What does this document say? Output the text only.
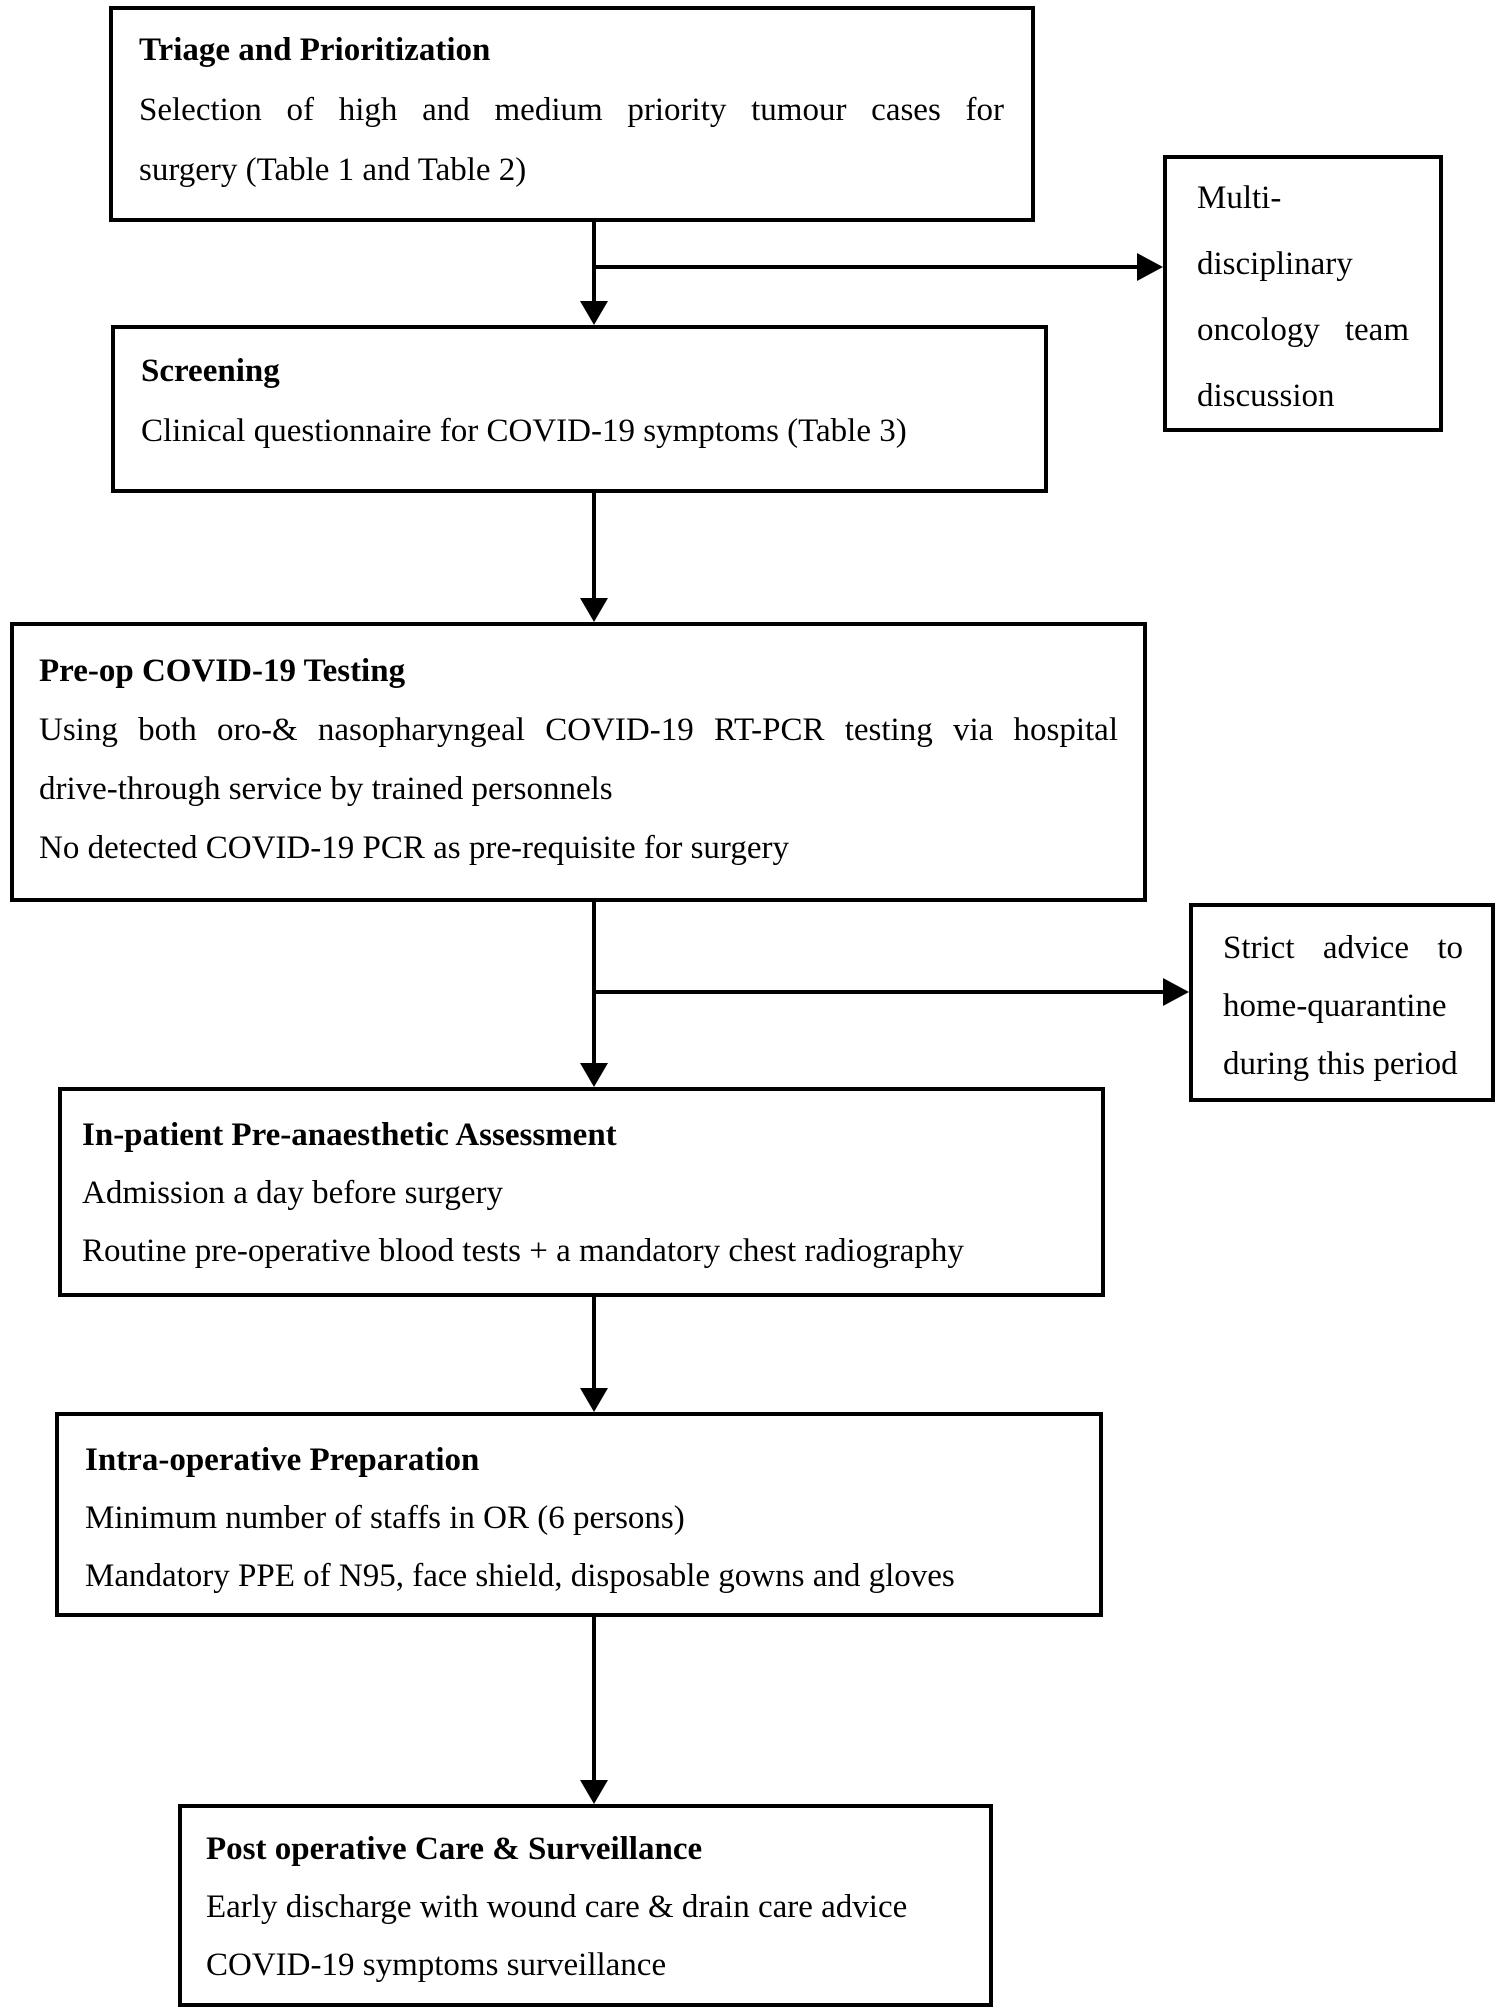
Triage and Prioritization
Selection of high and medium priority tumour cases for
surgery (Table 1 and Table 2)
Multi-
disciplinary
oncology team
discussion
Screening
Clinical questionnaire for COVID-19 symptoms (Table 3)
Pre-op COVID-19 Testing
Using both oro-& nasopharyngeal COVID-19 RT-PCR testing via hospital
drive-through service by trained personnels
No detected COVID-19 PCR as pre-requisite for surgery
Strict advice to
home-quarantine
during this period
In-patient Pre-anaesthetic Assessment
Admission a day before surgery
Routine pre-operative blood tests + a mandatory chest radiography
Intra-operative Preparation
Minimum number of staffs in OR (6 persons)
Mandatory PPE of N95, face shield, disposable gowns and gloves
Post operative Care & Surveillance
Early discharge with wound care & drain care advice
COVID-19 symptoms surveillance
